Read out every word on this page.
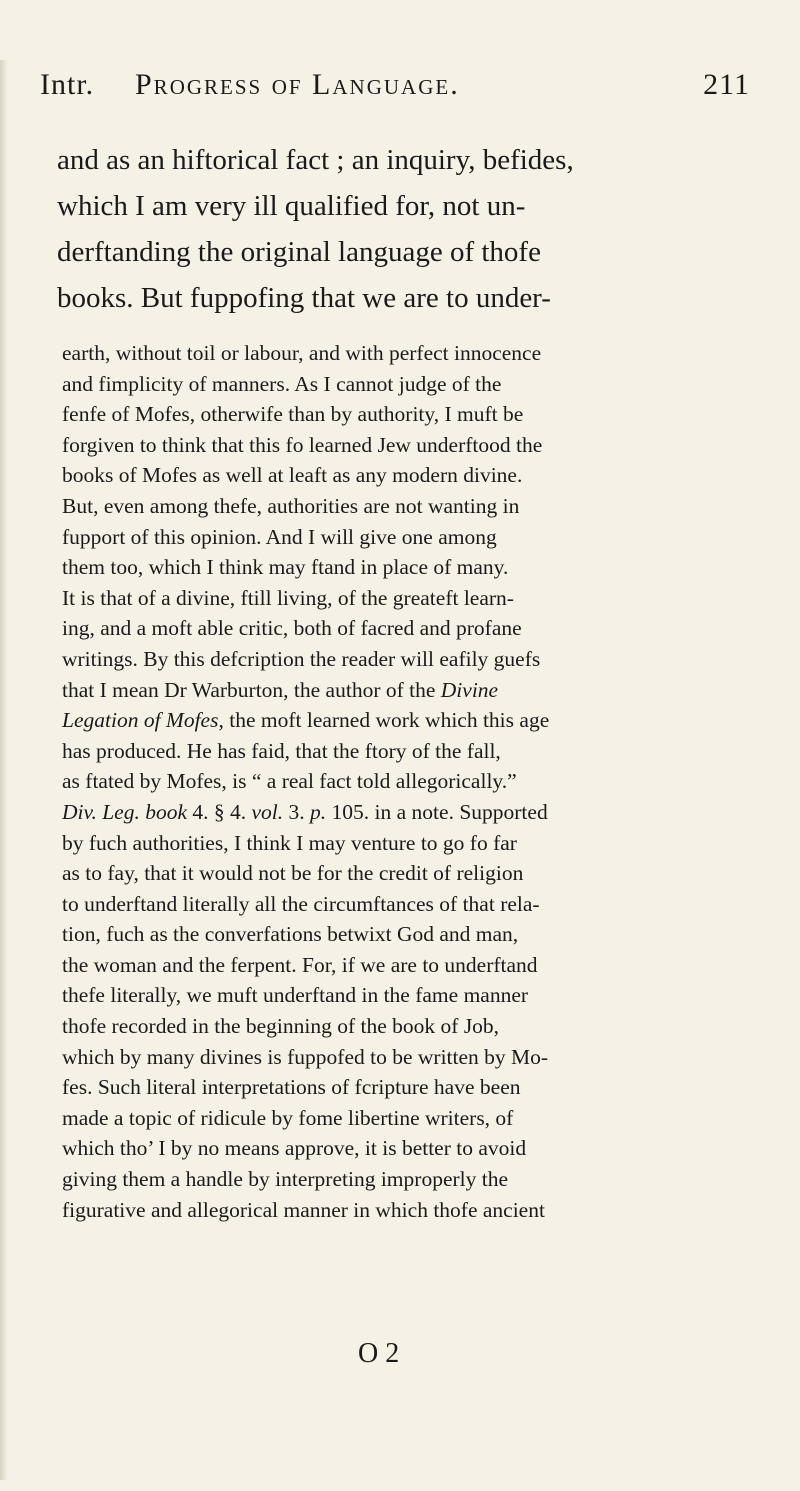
Intr. Progress of Language.	211
and as an hiftorical fact ; an inquiry, befides,
which I am very ill qualified for, not un-
derftanding the original language of thofe
books. But fuppofing that we are to under-
earth, without toil or labour, and with perfect innocence
and fimplicity of manners. As I cannot judge of the
fenfe of Mofes, otherwife than by authority, I muft be
forgiven to think that this fo learned Jew underftood the
books of Mofes as well at leaft as any modern divine.
But, even among thefe, authorities are not wanting in
fupport of this opinion. And I will give one among
them too, which I think may ftand in place of many.
It is that of a divine, ftill living, of the greateft learn-
ing, and a moft able critic, both of facred and profane
writings. By this defcription the reader will eafily guefs
that I mean Dr Warburton, the author of the Divine
Legation of Mofes, the moft learned work which this age
has produced. He has faid, that the ftory of the fall,
as ftated by Mofes, is “ a real fact told allegorically.”
Div. Leg. book 4. § 4. vol. 3. p. 105. in a note. Supported
by fuch authorities, I think I may venture to go fo far
as to fay, that it would not be for the credit of religion
to underftand literally all the circumftances of that rela-
tion, fuch as the converfations betwixt God and man,
the woman and the ferpent. For, if we are to underftand
thefe literally, we muft underftand in the fame manner
thofe recorded in the beginning of the book of Job,
which by many divines is fuppofed to be written by Mo-
fes. Such literal interpretations of fcripture have been
made a topic of ridicule by fome libertine writers, of
which tho’ I by no means approve, it is better to avoid
giving them a handle by interpreting improperly the
figurative and allegorical manner in which thofe ancient
O 2
